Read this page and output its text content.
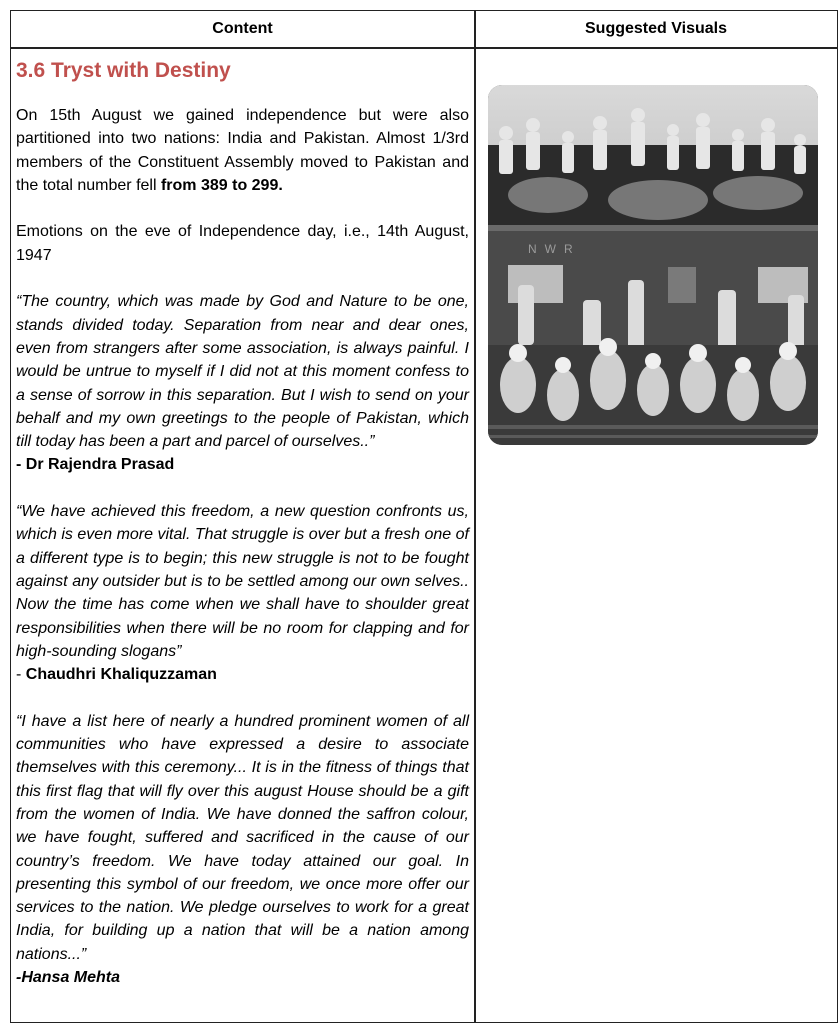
Content	Suggested Visuals
3.6 Tryst with Destiny

On 15th August we gained independence but were also partitioned into two nations: India and Pakistan. Almost 1/3rd members of the Constituent Assembly moved to Pakistan and the total number fell from 389 to 299.

Emotions on the eve of Independence day, i.e., 14th August, 1947

“The country, which was made by God and Nature to be one, stands divided today. Separation from near and dear ones, even from strangers after some association, is always painful. I would be untrue to myself if I did not at this moment confess to a sense of sorrow in this separation. But I wish to send on your behalf and my own greetings to the people of Pakistan, which till today has been a part and parcel of ourselves..”
- Dr Rajendra Prasad

“We have achieved this freedom, a new question confronts us, which is even more vital. That struggle is over but a fresh one of a different type is to begin; this new struggle is not to be fought against any outsider but is to be settled among our own selves.. Now the time has come when we shall have to shoulder great responsibilities when there will be no room for clapping and for high-sounding slogans”
- Chaudhri Khaliquzzaman

“I have a list here of nearly a hundred prominent women of all communities who have expressed a desire to associate themselves with this ceremony... It is in the fitness of things that this first flag that will fly over this august House should be a gift from the women of India. We have donned the saffron colour, we have fought, suffered and sacrificed in the cause of our country’s freedom. We have today attained our goal. In presenting this symbol of our freedom, we once more offer our services to the nation. We pledge ourselves to work for a great India, for building up a nation that will be a nation among nations...”
-Hansa Mehta

NWR
